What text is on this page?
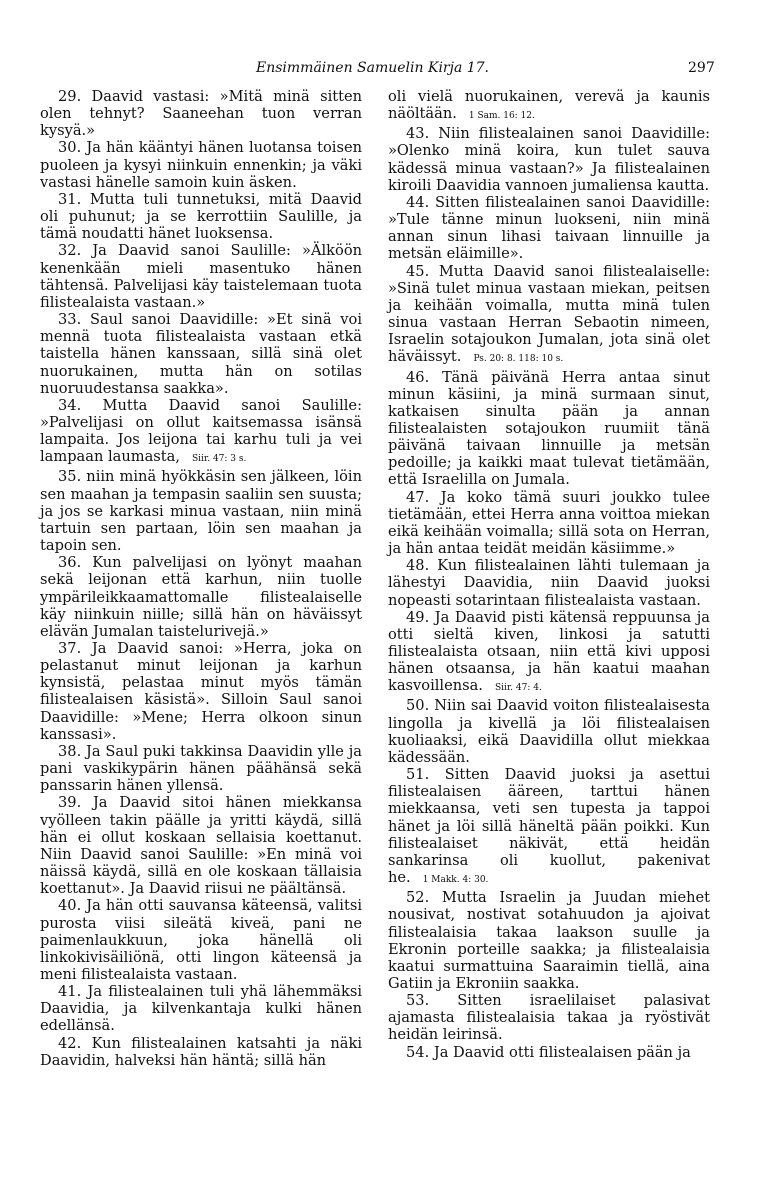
Ensimmäinen Samuelin Kirja 17.	297

29. Daavid vastasi: »Mitä minä sitten olen tehnyt? Saaneehan tuon verran kysyä.»

30. Ja hän kääntyi hänen luotansa toisen puoleen ja kysyi niinkuin ennenkin; ja väki vastasi hänelle samoin kuin äsken.

31. Mutta tuli tunnetuksi, mitä Daavid oli puhunut; ja se kerrottiin Saulille, ja tämä noudatti hänet luoksensa.

32. Ja Daavid sanoi Saulille: »Älköön kenenkään mieli masentuko hänen tähtensä. Palvelijasi käy taistelemaan tuota filistealaista vastaan.»

33. Saul sanoi Daavidille: »Et sinä voi mennä tuota filistealaista vastaan etkä taistella hänen kanssaan, sillä sinä olet nuorukainen, mutta hän on sotilas nuoruudestansa saakka».

34. Mutta Daavid sanoi Saulille: »Palvelijasi on ollut kaitsemassa isänsä lampaita. Jos leijona tai karhu tuli ja vei lampaan laumasta, Siir. 47: 3 s.

35. niin minä hyökkäsin sen jälkeen, löin sen maahan ja tempasin saaliin sen suusta; ja jos se karkasi minua vastaan, niin minä tartuin sen partaan, löin sen maahan ja tapoin sen.

36. Kun palvelijasi on lyönyt maahan sekä leijonan että karhun, niin tuolle ympärileikkaamattomalle filistealaiselle käy niinkuin niille; sillä hän on häväissyt elävän Jumalan taistelurivejä.»

37. Ja Daavid sanoi: »Herra, joka on pelastanut minut leijonan ja karhun kynsistä, pelastaa minut myös tämän filistealaisen käsistä». Silloin Saul sanoi Daavidille: »Mene; Herra olkoon sinun kanssasi».

38. Ja Saul puki takkinsa Daavidin ylle ja pani vaskikypärin hänen päähänsä sekä panssarin hänen yllensä.

39. Ja Daavid sitoi hänen miekkansa vyölleen takin päälle ja yritti käydä, sillä hän ei ollut koskaan sellaisia koettanut. Niin Daavid sanoi Saulille: »En minä voi näissä käydä, sillä en ole koskaan tällaisia koettanut». Ja Daavid riisui ne päältänsä.

40. Ja hän otti sauvansa käteensä, valitsi purosta viisi sileätä kiveä, pani ne paimenlaukkuun, joka hänellä oli linkokivisäiliönä, otti lingon käteensä ja meni filistealaista vastaan.

41. Ja filistealainen tuli yhä lähemmäksi Daavidia, ja kilvenkantaja kulki hänen edellänsä.

42. Kun filistealainen katsahti ja näki Daavidin, halveksi hän häntä; sillä hän

oli vielä nuorukainen, verevä ja kaunis näöltään. 1 Sam. 16: 12.

43. Niin filistealainen sanoi Daavidille: »Olenko minä koira, kun tulet sauva kädessä minua vastaan?» Ja filistealainen kiroili Daavidia vannoen jumaliensa kautta.

44. Sitten filistealainen sanoi Daavidille: »Tule tänne minun luokseni, niin minä annan sinun lihasi taivaan linnuille ja metsän eläimille».

45. Mutta Daavid sanoi filistealaiselle: »Sinä tulet minua vastaan miekan, peitsen ja keihään voimalla, mutta minä tulen sinua vastaan Herran Sebaotin nimeen, Israelin sotajoukon Jumalan, jota sinä olet häväissyt. Ps. 20: 8. 118: 10 s.

46. Tänä päivänä Herra antaa sinut minun käsiini, ja minä surmaan sinut, katkaisen sinulta pään ja annan filistealaisten sotajoukon ruumiit tänä päivänä taivaan linnuille ja metsän pedoille; ja kaikki maat tulevat tietämään, että Israelilla on Jumala.

47. Ja koko tämä suuri joukko tulee tietämään, ettei Herra anna voittoa miekan eikä keihään voimalla; sillä sota on Herran, ja hän antaa teidät meidän käsiimme.»

48. Kun filistealainen lähti tulemaan ja lähestyi Daavidia, niin Daavid juoksi nopeasti sotarintaan filistealaista vastaan.

49. Ja Daavid pisti kätensä reppuunsa ja otti sieltä kiven, linkosi ja satutti filistealaista otsaan, niin että kivi upposi hänen otsaansa, ja hän kaatui maahan kasvoillensa. Siir. 47: 4.

50. Niin sai Daavid voiton filistealaisesta lingolla ja kivellä ja löi filistealaisen kuoliaaksi, eikä Daavidilla ollut miekkaa kädessään.

51. Sitten Daavid juoksi ja asettui filistealaisen ääreen, tarttui hänen miekkaansa, veti sen tupesta ja tappoi hänet ja löi sillä häneltä pään poikki. Kun filistealaiset näkivät, että heidän sankarinsa oli kuollut, pakenivat he. 1 Makk. 4: 30.

52. Mutta Israelin ja Juudan miehet nousivat, nostivat sotahuudon ja ajoivat filistealaisia takaa laakson suulle ja Ekronin porteille saakka; ja filistealaisia kaatui surmattuina Saaraimin tiellä, aina Gatiin ja Ekroniin saakka.

53. Sitten israelilaiset palasivat ajamasta filistealaisia takaa ja ryöstivät heidän leirinsä.

54. Ja Daavid otti filistealaisen pään ja
